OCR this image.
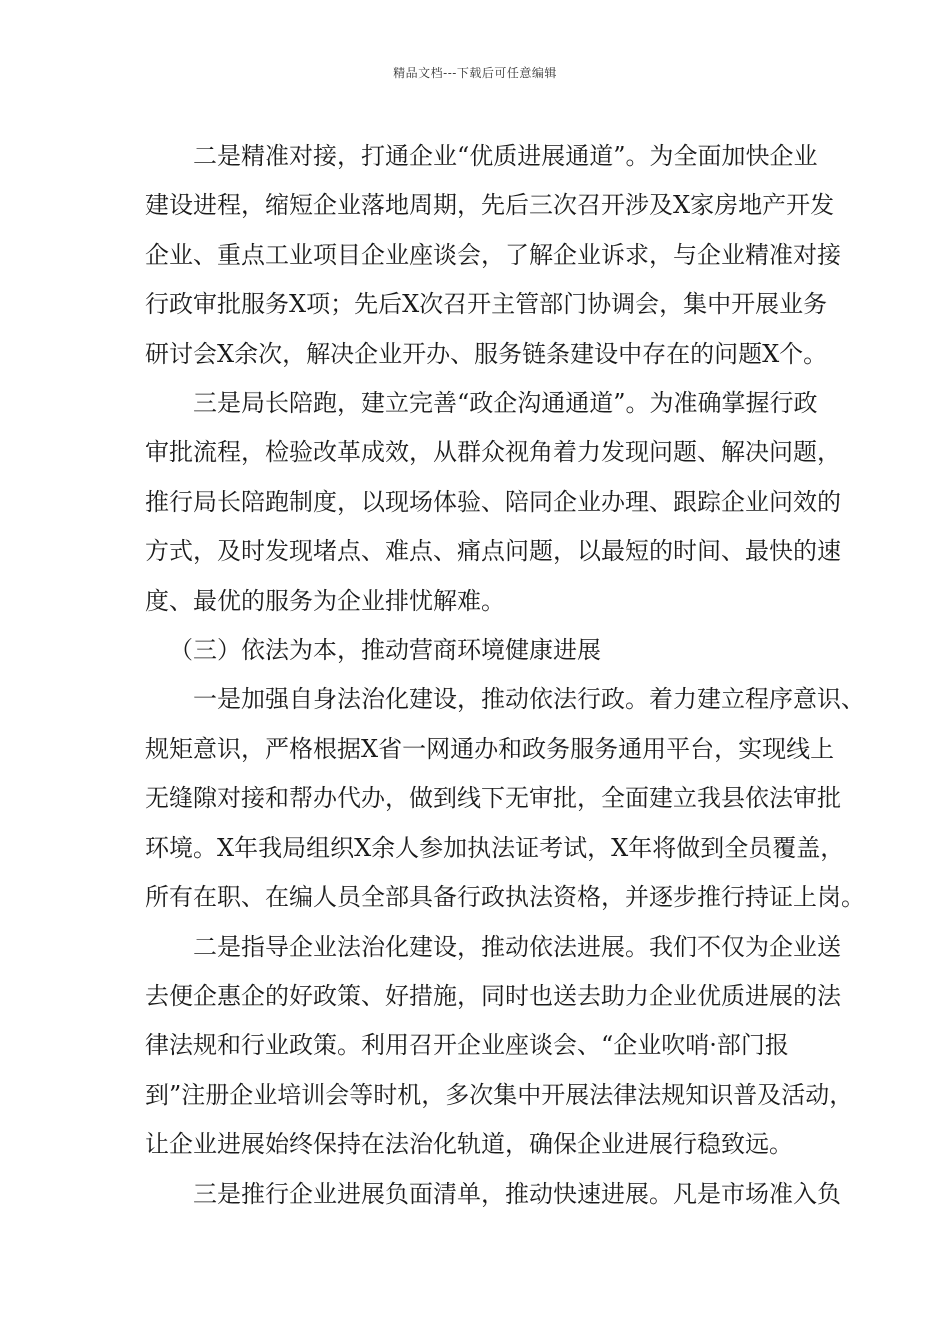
精品文档---下载后可任意编辑
二是精准对接，打通企业“优质进展通道”。为全面加快企业
建设进程，缩短企业落地周期，先后三次召开涉及X家房地产开发
企业、重点工业项目企业座谈会，了解企业诉求，与企业精准对接
行政审批服务X项；先后X次召开主管部门协调会，集中开展业务
研讨会X余次，解决企业开办、服务链条建设中存在的问题X个。
三是局长陪跑，建立完善“政企沟通通道”。为准确掌握行政
审批流程，检验改革成效，从群众视角着力发现问题、解决问题，
推行局长陪跑制度，以现场体验、陪同企业办理、跟踪企业问效的
方式，及时发现堵点、难点、痛点问题，以最短的时间、最快的速
度、最优的服务为企业排忧解难。
（三）依法为本，推动营商环境健康进展
一是加强自身法治化建设，推动依法行政。着力建立程序意识、
规矩意识，严格根据X省一网通办和政务服务通用平台，实现线上
无缝隙对接和帮办代办，做到线下无审批，全面建立我县依法审批
环境。X年我局组织X余人参加执法证考试，X年将做到全员覆盖，
所有在职、在编人员全部具备行政执法资格，并逐步推行持证上岗。
二是指导企业法治化建设，推动依法进展。我们不仅为企业送
去便企惠企的好政策、好措施，同时也送去助力企业优质进展的法
律法规和行业政策。利用召开企业座谈会、“企业吹哨·部门报
到”注册企业培训会等时机，多次集中开展法律法规知识普及活动，
让企业进展始终保持在法治化轨道，确保企业进展行稳致远。
三是推行企业进展负面清单，推动快速进展。凡是市场准入负
